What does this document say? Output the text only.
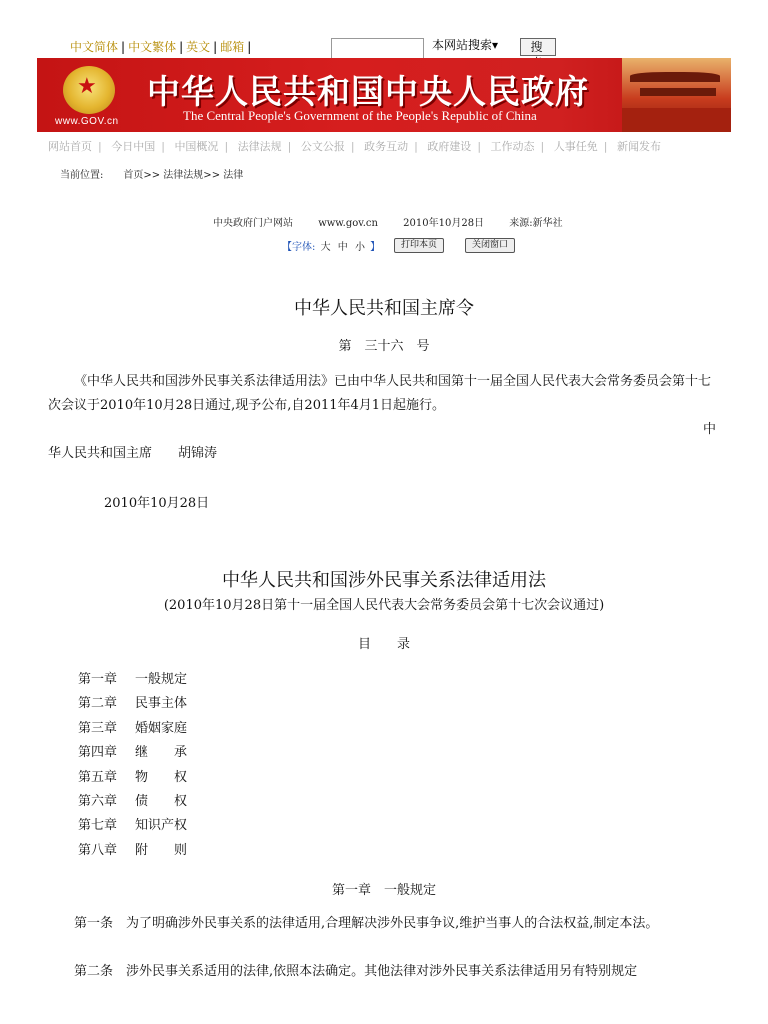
中文简体 | 中文繁体 | 英文 | 邮箱 |	本网站搜索▾	搜
★
www.GOV.cn
中华人民共和国中央人民政府
The Central People's Government of the People's Republic of China
网站首页 | 今日中国 | 中国概况 | 法律法规 | 公文公报 | 政务互动 | 政府建设 | 工作动态 | 人事任免 | 新闻发布
当前位置: 首页>> 法律法规>> 法律
中央政府门户网站	www.gov.cn	2010年10月28日	来源:新华社
【字体: 大 中 小 】	打印本页	关闭窗口
中华人民共和国主席令
第　三十六　号
《中华人民共和国涉外民事关系法律适用法》已由中华人民共和国第十一届全国人民代表大会常务委员会第十七次会议于2010年10月28日通过,现予公布,自2011年4月1日起施行。
中
华人民共和国主席　　胡锦涛
2010年10月28日
中华人民共和国涉外民事关系法律适用法
(2010年10月28日第十一届全国人民代表大会常务委员会第十七次会议通过)
目　　录
第一章 一般规定
第二章 民事主体
第三章 婚姻家庭
第四章 继　　承
第五章 物　　权
第六章 债　　权
第七章 知识产权
第八章 附　　则
第一章　一般规定
第一条　为了明确涉外民事关系的法律适用,合理解决涉外民事争议,维护当事人的合法权益,制定本法。
第二条　涉外民事关系适用的法律,依照本法确定。其他法律对涉外民事关系法律适用另有特别规定
